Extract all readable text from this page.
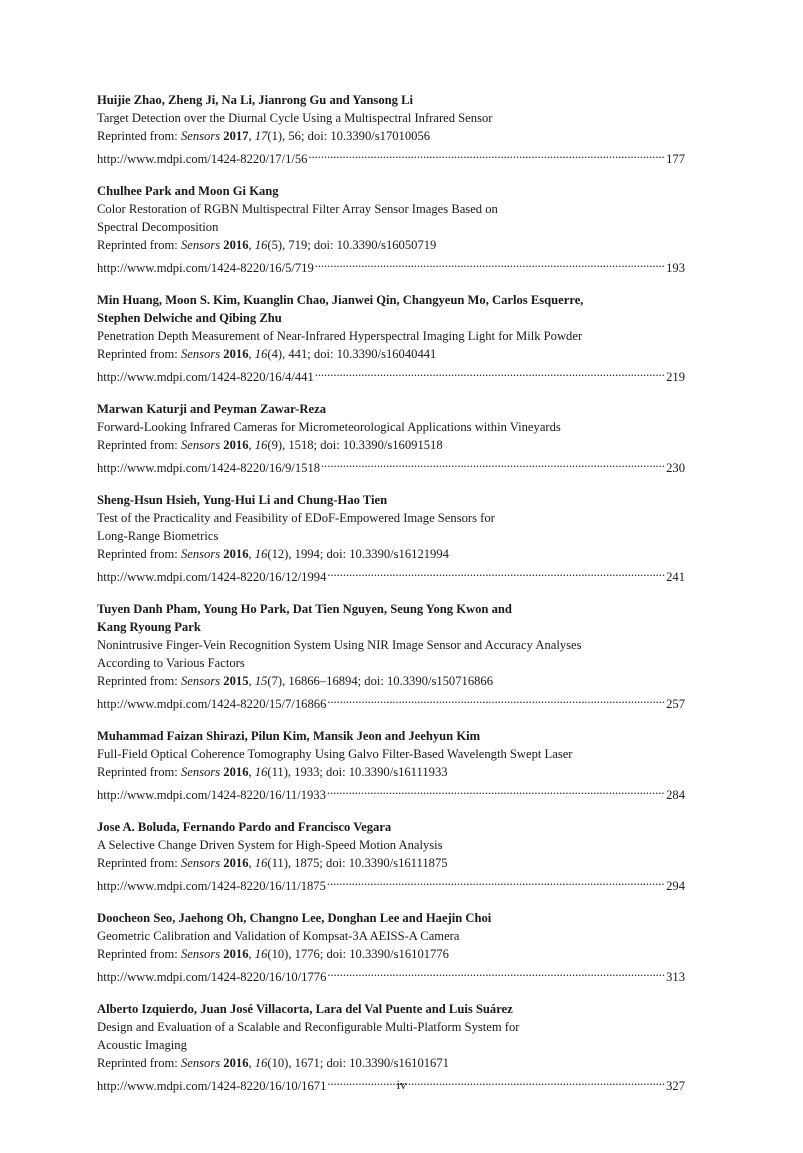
Huijie Zhao, Zheng Ji, Na Li, Jianrong Gu and Yansong Li
Target Detection over the Diurnal Cycle Using a Multispectral Infrared Sensor
Reprinted from: Sensors 2017, 17(1), 56; doi: 10.3390/s17010056
http://www.mdpi.com/1424-8220/17/1/56 . . .	177
Chulhee Park and Moon Gi Kang
Color Restoration of RGBN Multispectral Filter Array Sensor Images Based on
Spectral Decomposition
Reprinted from: Sensors 2016, 16(5), 719; doi: 10.3390/s16050719
http://www.mdpi.com/1424-8220/16/5/719 . . .	193
Min Huang, Moon S. Kim, Kuanglin Chao, Jianwei Qin, Changyeun Mo, Carlos Esquerre,
Stephen Delwiche and Qibing Zhu
Penetration Depth Measurement of Near-Infrared Hyperspectral Imaging Light for Milk Powder
Reprinted from: Sensors 2016, 16(4), 441; doi: 10.3390/s16040441
http://www.mdpi.com/1424-8220/16/4/441 . . .	219
Marwan Katurji and Peyman Zawar-Reza
Forward-Looking Infrared Cameras for Micrometeorological Applications within Vineyards
Reprinted from: Sensors 2016, 16(9), 1518; doi: 10.3390/s16091518
http://www.mdpi.com/1424-8220/16/9/1518 . . .	230
Sheng-Hsun Hsieh, Yung-Hui Li and Chung-Hao Tien
Test of the Practicality and Feasibility of EDoF-Empowered Image Sensors for
Long-Range Biometrics
Reprinted from: Sensors 2016, 16(12), 1994; doi: 10.3390/s16121994
http://www.mdpi.com/1424-8220/16/12/1994 . . .	241
Tuyen Danh Pham, Young Ho Park, Dat Tien Nguyen, Seung Yong Kwon and
Kang Ryoung Park
Nonintrusive Finger-Vein Recognition System Using NIR Image Sensor and Accuracy Analyses
According to Various Factors
Reprinted from: Sensors 2015, 15(7), 16866–16894; doi: 10.3390/s150716866
http://www.mdpi.com/1424-8220/15/7/16866 . . .	257
Muhammad Faizan Shirazi, Pilun Kim, Mansik Jeon and Jeehyun Kim
Full-Field Optical Coherence Tomography Using Galvo Filter-Based Wavelength Swept Laser
Reprinted from: Sensors 2016, 16(11), 1933; doi: 10.3390/s16111933
http://www.mdpi.com/1424-8220/16/11/1933 . . .	284
Jose A. Boluda, Fernando Pardo and Francisco Vegara
A Selective Change Driven System for High-Speed Motion Analysis
Reprinted from: Sensors 2016, 16(11), 1875; doi: 10.3390/s16111875
http://www.mdpi.com/1424-8220/16/11/1875 . . .	294
Doocheon Seo, Jaehong Oh, Changno Lee, Donghan Lee and Haejin Choi
Geometric Calibration and Validation of Kompsat-3A AEISS-A Camera
Reprinted from: Sensors 2016, 16(10), 1776; doi: 10.3390/s16101776
http://www.mdpi.com/1424-8220/16/10/1776 . . .	313
Alberto Izquierdo, Juan José Villacorta, Lara del Val Puente and Luis Suárez
Design and Evaluation of a Scalable and Reconfigurable Multi-Platform System for
Acoustic Imaging
Reprinted from: Sensors 2016, 16(10), 1671; doi: 10.3390/s16101671
http://www.mdpi.com/1424-8220/16/10/1671 . . .	327
iv
